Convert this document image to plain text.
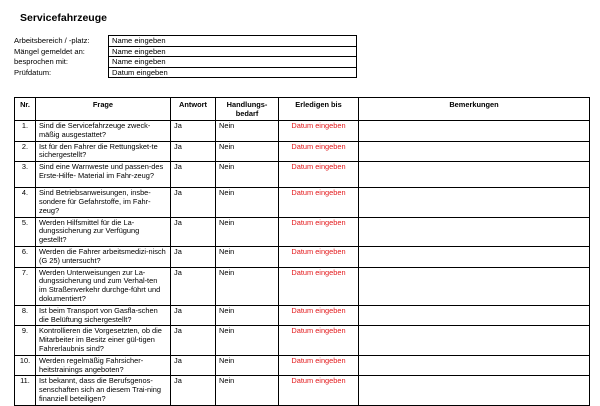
Servicefahrzeuge
Arbeitsbereich / -platz:	Name eingeben
Mängel gemeldet an:	Name eingeben
besprochen mit:	Name eingeben
Prüfdatum:	Datum eingeben
Nr.	Frage	Antwort	Handlungs- bedarf	Erledigen bis	Bemerkungen
1.	Sind die Servicefahrzeuge zweck-mäßig ausgestattet?	Ja	Nein	Datum eingeben	
2.	Ist für den Fahrer die Rettungsket-te sichergestellt?	Ja	Nein	Datum eingeben	
3.	Sind eine Warnweste und passen-des Erste-Hilfe- Material im Fahr-zeug?	Ja	Nein	Datum eingeben	
4.	Sind Betriebsanweisungen, insbe-sondere für Gefahrstoffe, im Fahr-zeug?	Ja	Nein	Datum eingeben	
5.	Werden Hilfsmittel für die La-dungssicherung zur Verfügung gestellt?	Ja	Nein	Datum eingeben	
6.	Werden die Fahrer arbeitsmedizi-nisch (G 25) untersucht?	Ja	Nein	Datum eingeben	
7.	Werden Unterweisungen zur La-dungssicherung und zum Verhal-ten im Straßenverkehr durchge-führt und dokumentiert?	Ja	Nein	Datum eingeben	
8.	Ist beim Transport von Gasfla-schen die Belüftung sichergestellt?	Ja	Nein	Datum eingeben	
9.	Kontrollieren die Vorgesetzten, ob die Mitarbeiter im Besitz einer gül-tigen Fahrerlaubnis sind?	Ja	Nein	Datum eingeben	
10.	Werden regelmäßig Fahrsicher-heitstrainings angeboten?	Ja	Nein	Datum eingeben	
11.	Ist bekannt, dass die Berufsgenos-senschaften sich an diesem Trai-ning finanziell beteiligen?	Ja	Nein	Datum eingeben	
